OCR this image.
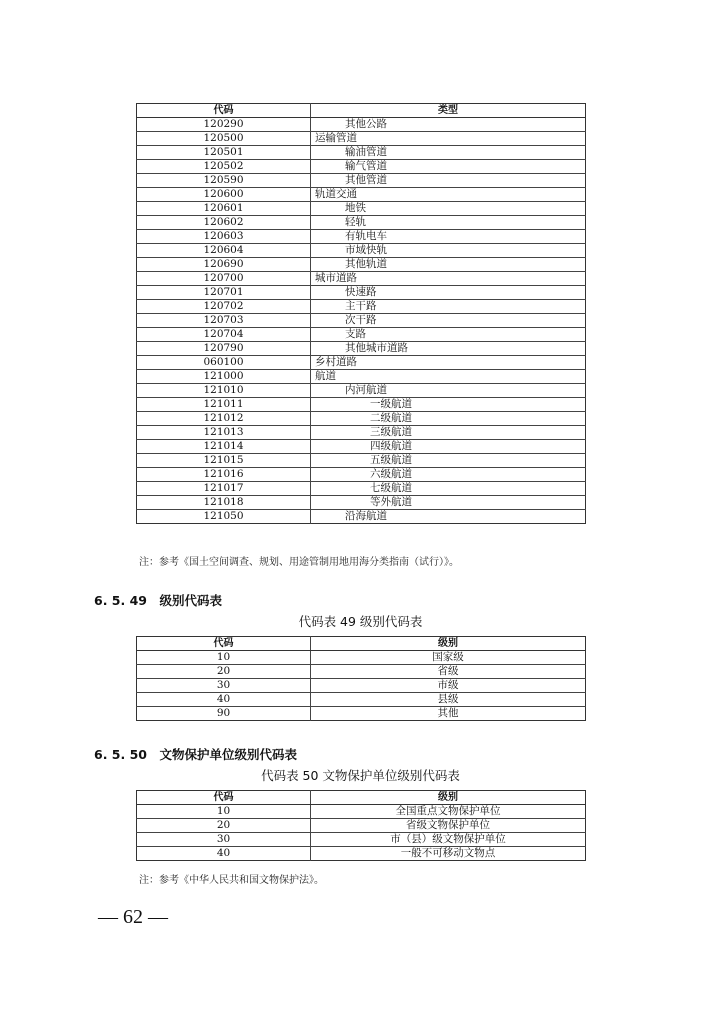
代码	类型
120290	其他公路
120500	运输管道
120501	输油管道
120502	输气管道
120590	其他管道
120600	轨道交通
120601	地铁
120602	轻轨
120603	有轨电车
120604	市域快轨
120690	其他轨道
120700	城市道路
120701	快速路
120702	主干路
120703	次干路
120704	支路
120790	其他城市道路
060100	乡村道路
121000	航道
121010	内河航道
121011	一级航道
121012	二级航道
121013	三级航道
121014	四级航道
121015	五级航道
121016	六级航道
121017	七级航道
121018	等外航道
121050	沿海航道
注：参考《国土空间调查、规划、用途管制用地用海分类指南（试行）》。
6. 5. 49　级别代码表
代码表 49 级别代码表
代码	级别
10	国家级
20	省级
30	市级
40	县级
90	其他
6. 5. 50　文物保护单位级别代码表
代码表 50 文物保护单位级别代码表
代码	级别
10	全国重点文物保护单位
20	省级文物保护单位
30	市（县）级文物保护单位
40	一般不可移动文物点
注：参考《中华人民共和国文物保护法》。
— 62 —
